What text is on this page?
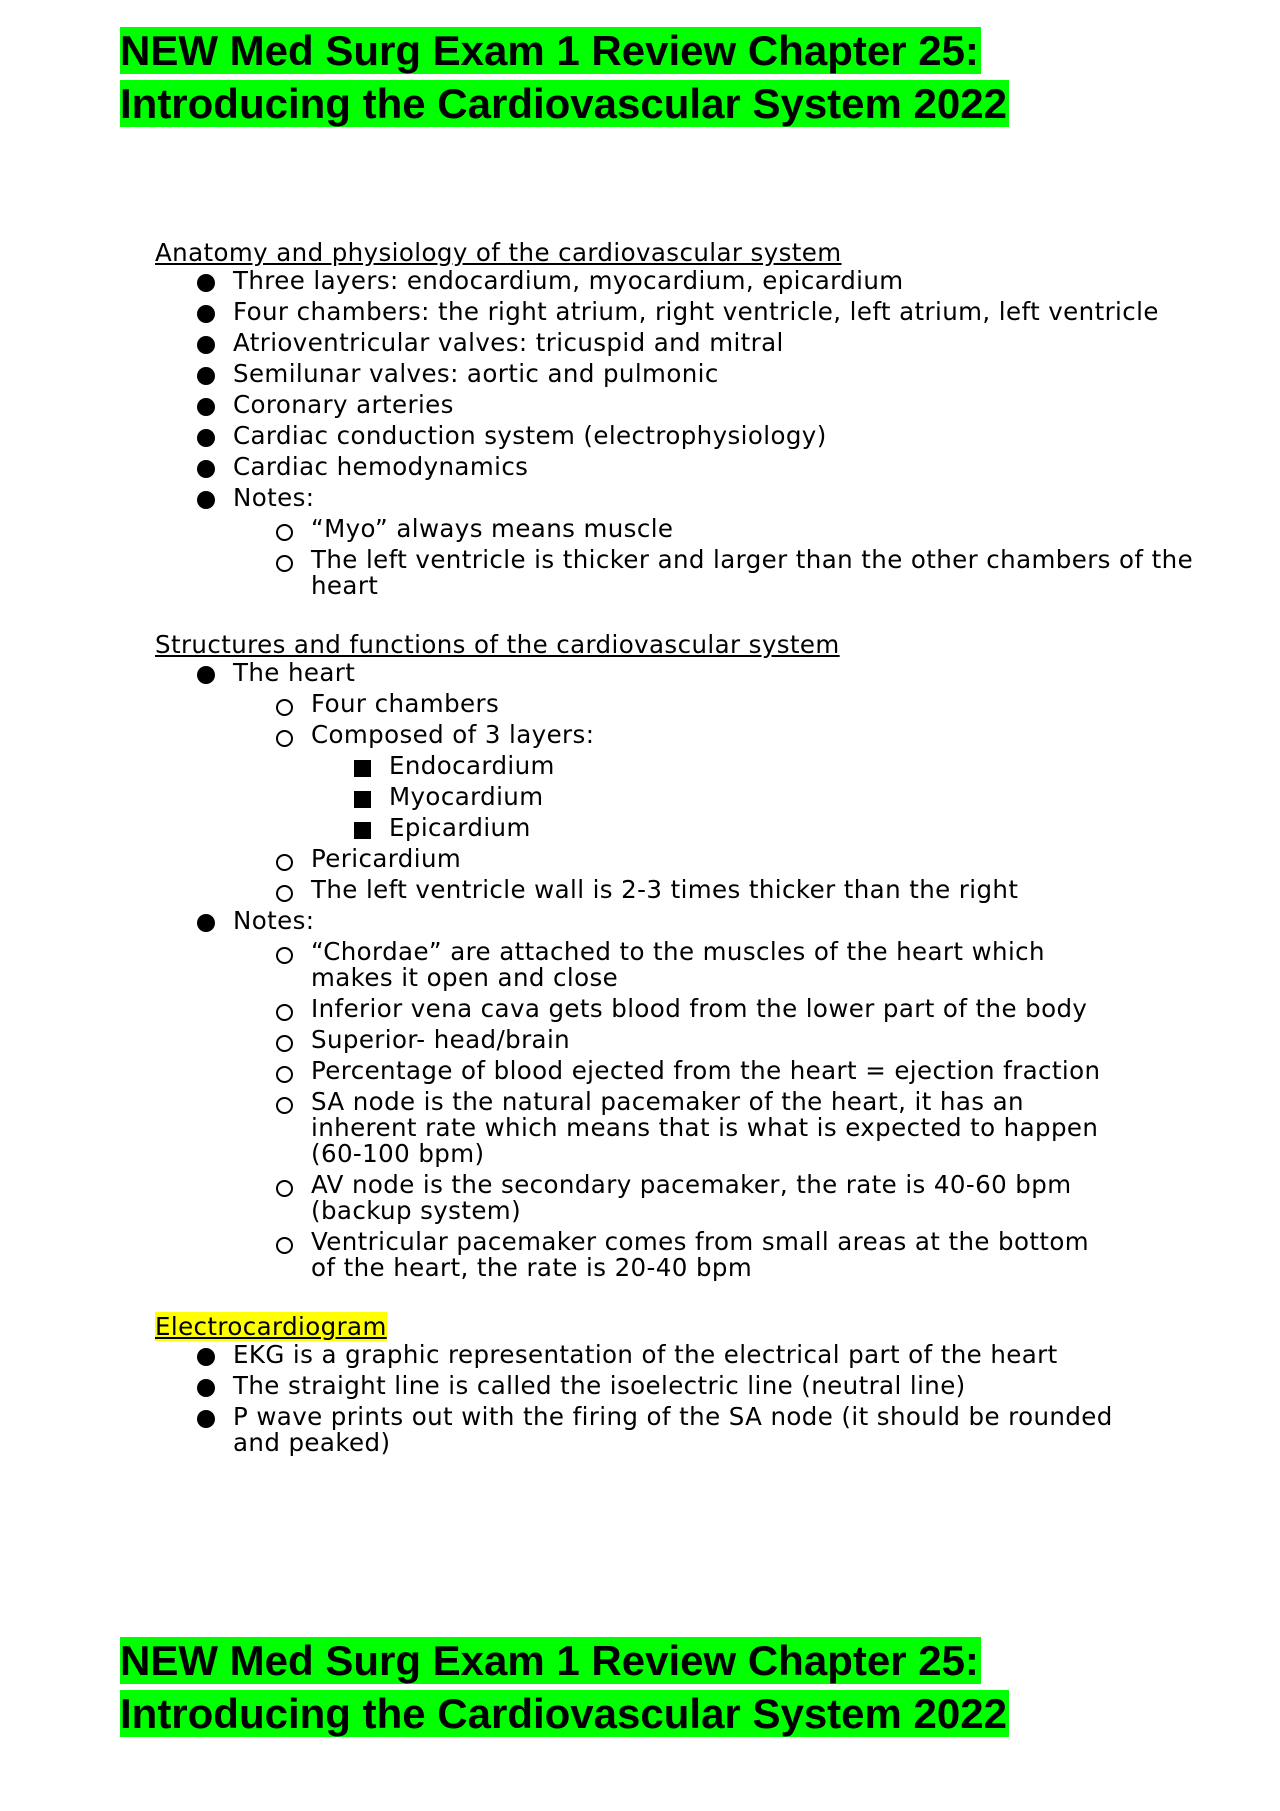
NEW Med Surg Exam 1 Review Chapter 25:
Introducing the Cardiovascular System 2022
Anatomy and physiology of the cardiovascular system
Three layers: endocardium, myocardium, epicardium
Four chambers: the right atrium, right ventricle, left atrium, left ventricle
Atrioventricular valves: tricuspid and mitral
Semilunar valves: aortic and pulmonic
Coronary arteries
Cardiac conduction system (electrophysiology)
Cardiac hemodynamics
Notes:
“Myo” always means muscle
The left ventricle is thicker and larger than the other chambers of the heart
Structures and functions of the cardiovascular system
The heart
Four chambers
Composed of 3 layers:
Endocardium
Myocardium
Epicardium
Pericardium
The left ventricle wall is 2-3 times thicker than the right
Notes:
“Chordae” are attached to the muscles of the heart which makes it open and close
Inferior vena cava gets blood from the lower part of the body
Superior- head/brain
Percentage of blood ejected from the heart = ejection fraction
SA node is the natural pacemaker of the heart, it has an inherent rate which means that is what is expected to happen (60-100 bpm)
AV node is the secondary pacemaker, the rate is 40-60 bpm (backup system)
Ventricular pacemaker comes from small areas at the bottom of the heart, the rate is 20-40 bpm
Electrocardiogram
EKG is a graphic representation of the electrical part of the heart
The straight line is called the isoelectric line (neutral line)
P wave prints out with the firing of the SA node (it should be rounded and peaked)
NEW Med Surg Exam 1 Review Chapter 25:
Introducing the Cardiovascular System 2022
